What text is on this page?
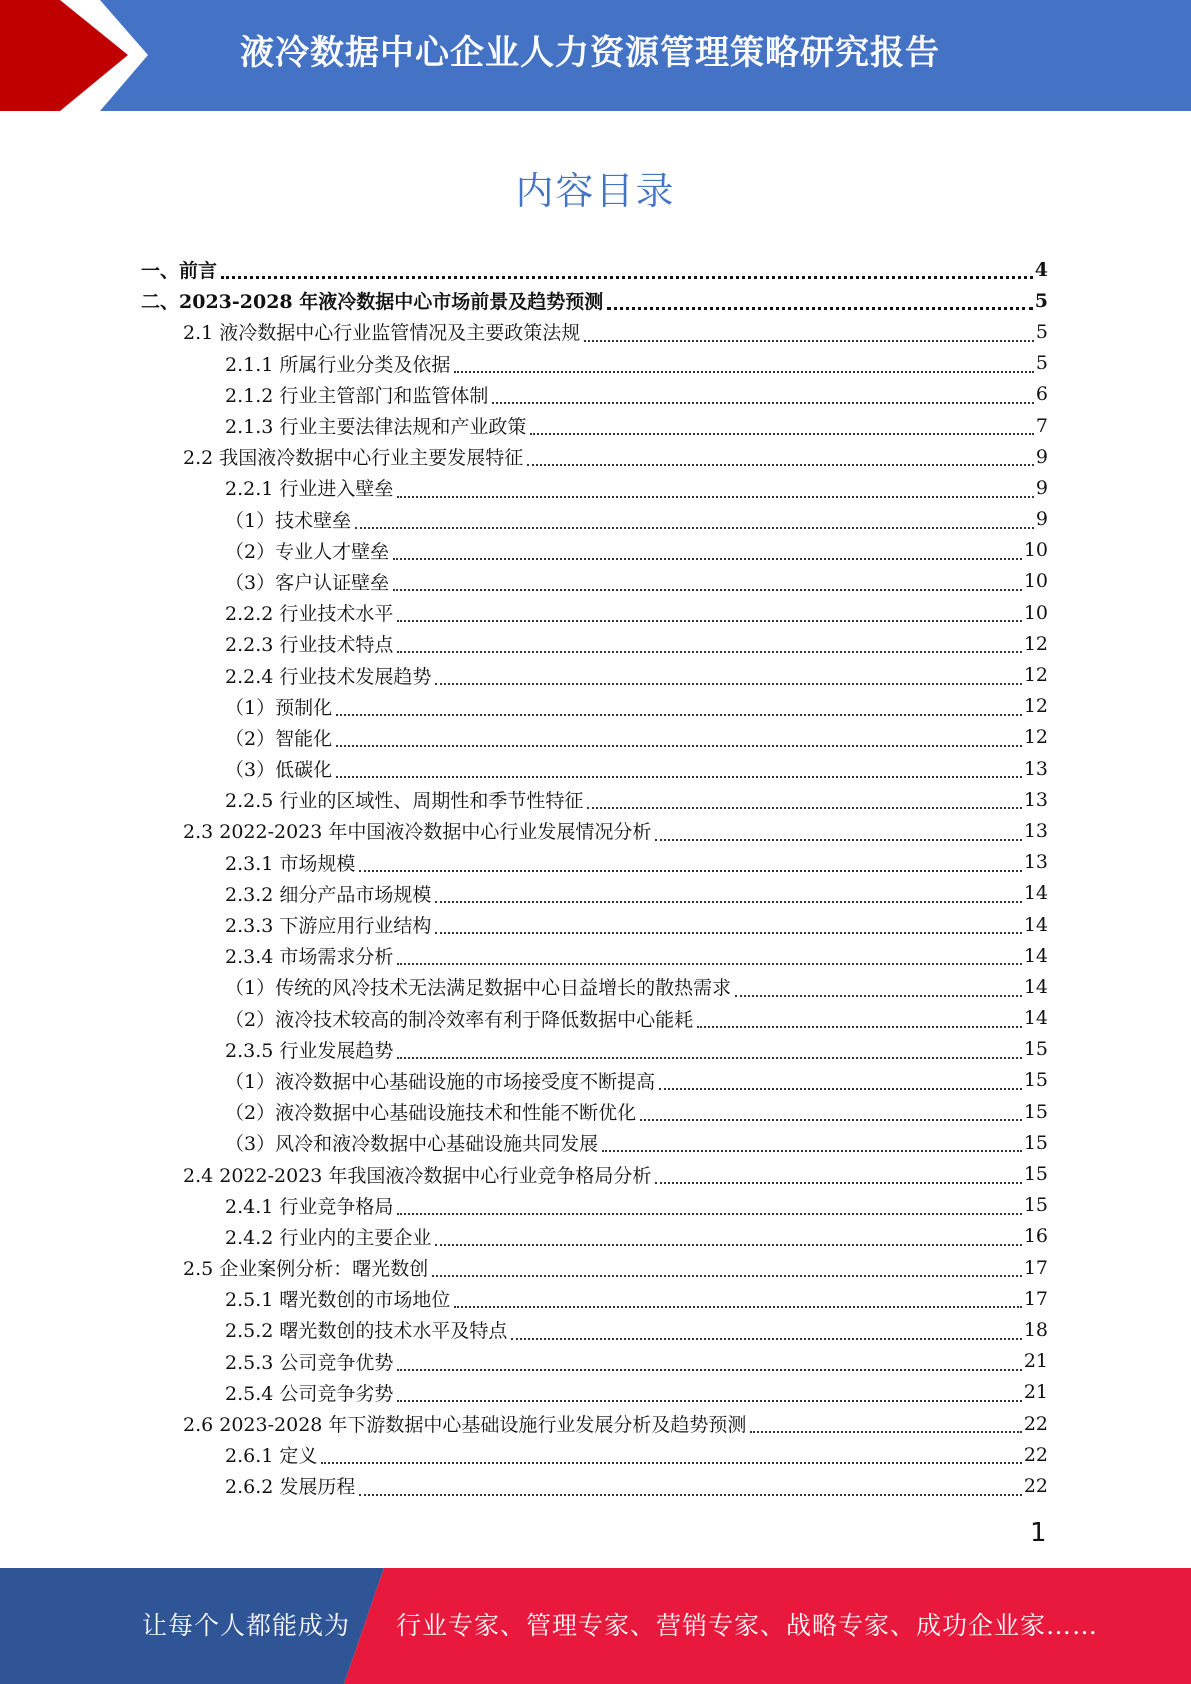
液冷数据中心企业人力资源管理策略研究报告
内容目录
一、前言	4
二、2023-2028 年液冷数据中心市场前景及趋势预测	5
2.1 液冷数据中心行业监管情况及主要政策法规	5
2.1.1 所属行业分类及依据	5
2.1.2 行业主管部门和监管体制	6
2.1.3 行业主要法律法规和产业政策	7
2.2 我国液冷数据中心行业主要发展特征	9
2.2.1 行业进入壁垒	9
（1）技术壁垒	9
（2）专业人才壁垒	10
（3）客户认证壁垒	10
2.2.2 行业技术水平	10
2.2.3 行业技术特点	12
2.2.4 行业技术发展趋势	12
（1）预制化	12
（2）智能化	12
（3）低碳化	13
2.2.5 行业的区域性、周期性和季节性特征	13
2.3 2022-2023 年中国液冷数据中心行业发展情况分析	13
2.3.1 市场规模	13
2.3.2 细分产品市场规模	14
2.3.3 下游应用行业结构	14
2.3.4 市场需求分析	14
（1）传统的风冷技术无法满足数据中心日益增长的散热需求	14
（2）液冷技术较高的制冷效率有利于降低数据中心能耗	14
2.3.5 行业发展趋势	15
（1）液冷数据中心基础设施的市场接受度不断提高	15
（2）液冷数据中心基础设施技术和性能不断优化	15
（3）风冷和液冷数据中心基础设施共同发展	15
2.4 2022-2023 年我国液冷数据中心行业竞争格局分析	15
2.4.1 行业竞争格局	15
2.4.2 行业内的主要企业	16
2.5 企业案例分析：曙光数创	17
2.5.1 曙光数创的市场地位	17
2.5.2 曙光数创的技术水平及特点	18
2.5.3 公司竞争优势	21
2.5.4 公司竞争劣势	21
2.6 2023-2028 年下游数据中心基础设施行业发展分析及趋势预测	22
2.6.1 定义	22
2.6.2 发展历程	22
1
让每个人都能成为 行业专家、管理专家、营销专家、战略专家、成功企业家……
